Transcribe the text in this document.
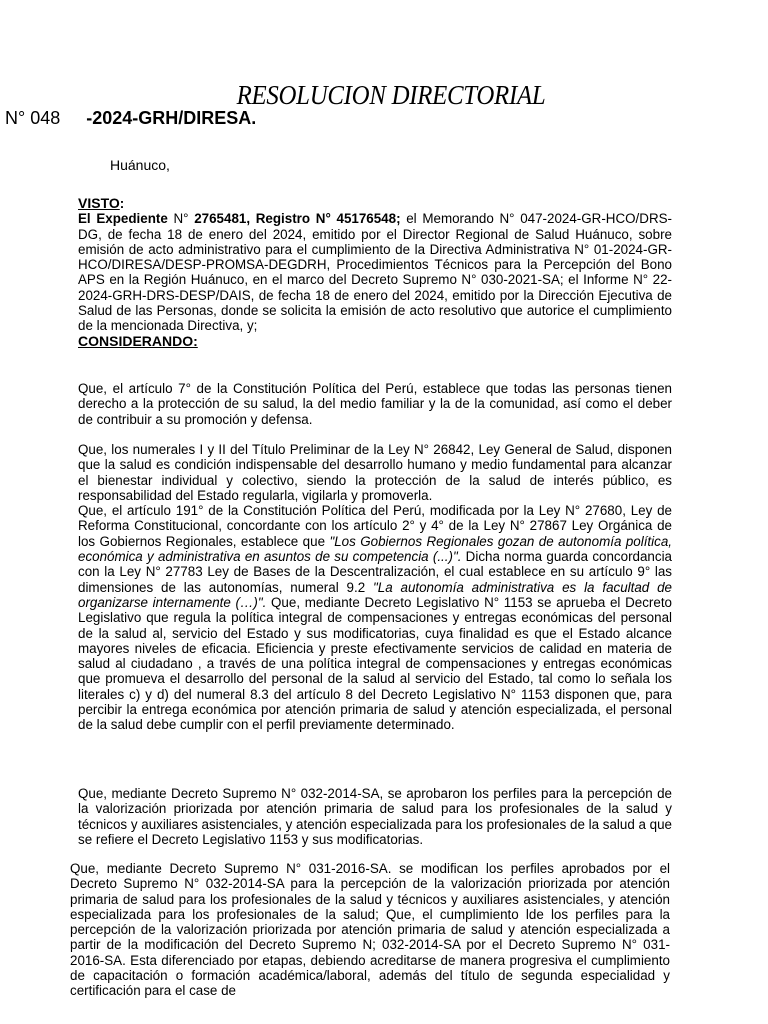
RESOLUCION DIRECTORIAL
N° 048 -2024-GRH/DIRESA.
Huánuco,

VISTO:

El Expediente N° 2765481, Registro N° 45176548; el Memorando N° 047-2024-GR-HCO/DRS-DG, de fecha 18 de enero del 2024, emitido por el Director Regional de Salud Huánuco, sobre emisión de acto administrativo para el cumplimiento de la Directiva Administrativa N° 01-2024-GR-HCO/DIRESA/DESP-PROMSA-DEGDRH, Procedimientos Técnicos para la Percepción del Bono APS en la Región Huánuco, en el marco del Decreto Supremo N° 030-2021-SA; el Informe N° 22-2024-GRH-DRS-DESP/DAIS, de fecha 18 de enero del 2024, emitido por la Dirección Ejecutiva de Salud de las Personas, donde se solicita la emisión de acto resolutivo que autorice el cumplimiento de la mencionada Directiva, y;

CONSIDERANDO:

Que, el artículo 7° de la Constitución Política del Perú, establece que todas las personas tienen derecho a la protección de su salud, la del medio familiar y la de la comunidad, así como el deber de contribuir a su promoción y defensa.

Que, los numerales I y II del Título Preliminar de la Ley N° 26842, Ley General de Salud, disponen que la salud es condición indispensable del desarrollo humano y medio fundamental para alcanzar el bienestar individual y colectivo, siendo la protección de la salud de interés público, es responsabilidad del Estado regularla, vigilarla y promoverla.

Que, el artículo 191° de la Constitución Política del Perú, modificada por la Ley N° 27680, Ley de Reforma Constitucional, concordante con los artículo 2° y 4° de la Ley N° 27867 Ley Orgánica de los Gobiernos Regionales, establece que "Los Gobiernos Regionales gozan de autonomía política, económica y administrativa en asuntos de su competencia (...)". Dicha norma guarda concordancia con la Ley N° 27783 Ley de Bases de la Descentralización, el cual establece en su artículo 9° las dimensiones de las autonomías, numeral 9.2 "La autonomía administrativa es la facultad de organizarse internamente (…)". Que, mediante Decreto Legislativo N° 1153 se aprueba el Decreto Legislativo que regula la política integral de compensaciones y entregas económicas del personal de la salud al, servicio del Estado y sus modificatorias, cuya finalidad es que el Estado alcance mayores niveles de eficacia. Eficiencia y preste efectivamente servicios de calidad en materia de salud al ciudadano , a través de una política integral de compensaciones y entregas económicas que promueva el desarrollo del personal de la salud al servicio del Estado, tal como lo señala los literales c) y d) del numeral 8.3 del artículo 8 del Decreto Legislativo N° 1153 disponen que, para percibir la entrega económica por atención primaria de salud y atención especializada, el personal de la salud debe cumplir con el perfil previamente determinado.

Que, mediante Decreto Supremo N° 032-2014-SA, se aprobaron los perfiles para la percepción de la valorización priorizada por atención primaria de salud para los profesionales de la salud y técnicos y auxiliares asistenciales, y atención especializada para los profesionales de la salud a que se refiere el Decreto Legislativo 1153 y sus modificatorias.
Que, mediante Decreto Supremo N° 031-2016-SA. se modifican los perfiles aprobados por el Decreto Supremo N° 032-2014-SA para la percepción de la valorización priorizada por atención primaria de salud para los profesionales de la salud y técnicos y auxiliares asistenciales, y atención especializada para los profesionales de la salud; Que, el cumplimiento lde los perfiles para la percepción de la valorización priorizada por atención primaria de salud y atención especializada a partir de la modificación del Decreto Supremo N; 032-2014-SA por el Decreto Supremo N° 031-2016-SA. Esta diferenciado por etapas, debiendo acreditarse de manera progresiva el cumplimiento de capacitación o formación académica/laboral, además del título de segunda especialidad y certificación para el case de
